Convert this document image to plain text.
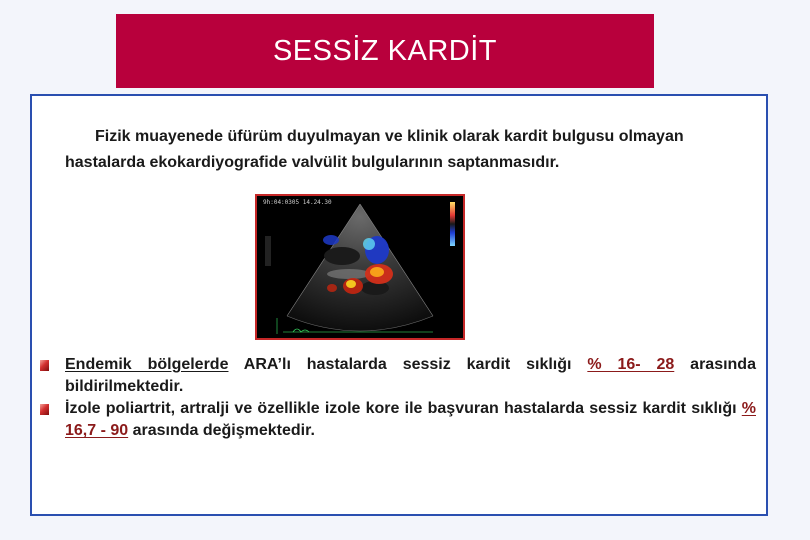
SESSİZ KARDİT
Fizik muayenede üfürüm duyulmayan ve klinik olarak kardit bulgusu olmayan hastalarda ekokardiyografide valvülit bulgularının saptanmasıdır.
9h:04:0305 14.24.30
Endemik bölgelerde ARA’lı hastalarda sessiz kardit sıklığı % 16- 28 arasında bildirilmektedir.
İzole poliartrit, artralji ve özellikle izole kore ile başvuran hastalarda sessiz kardit sıklığı % 16,7 - 90 arasında değişmektedir.
